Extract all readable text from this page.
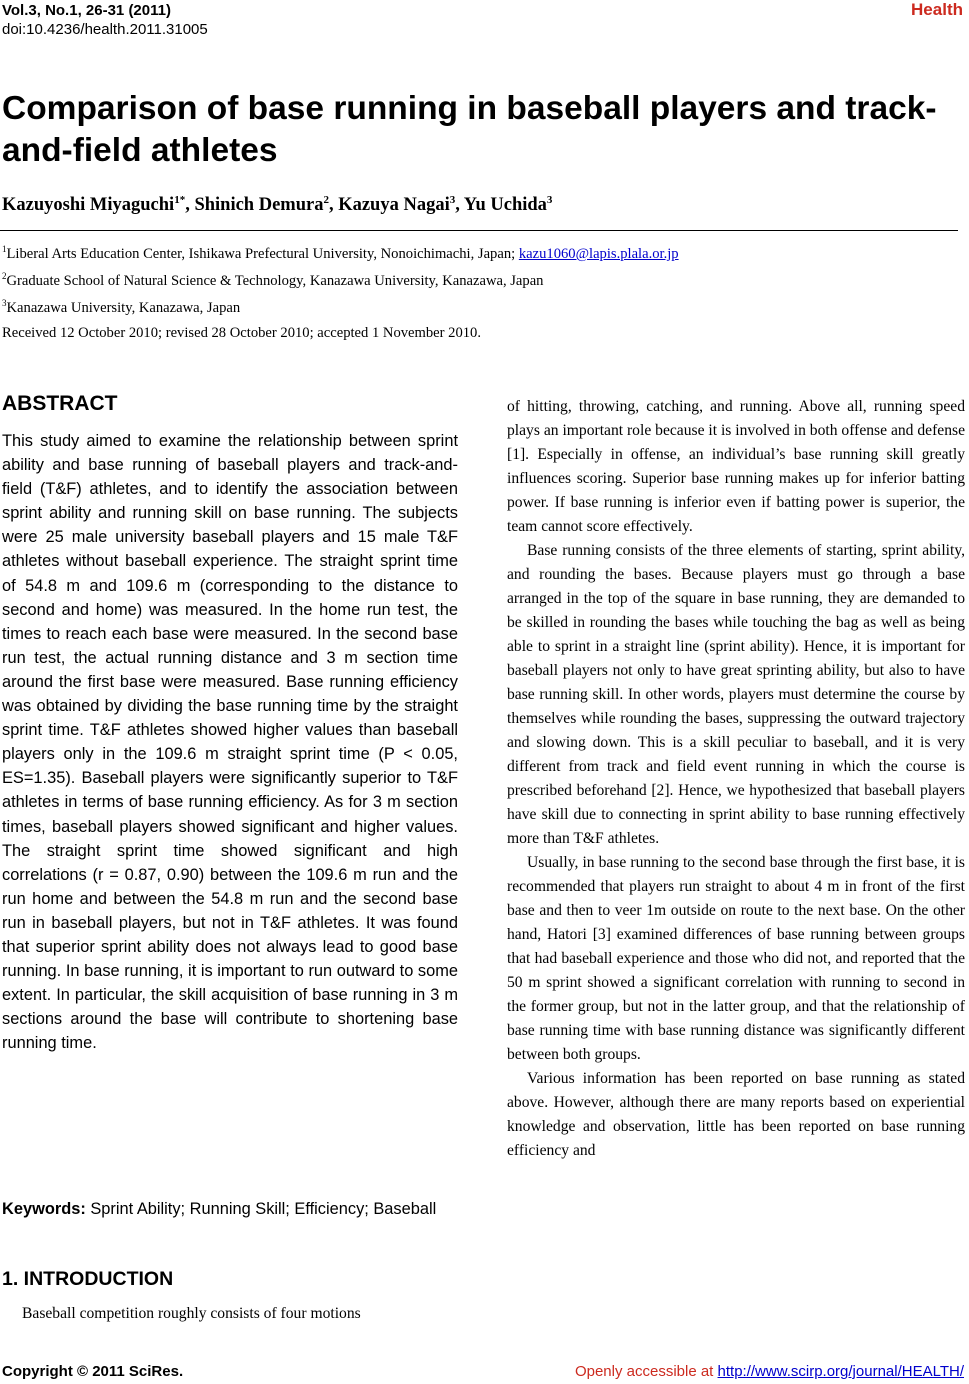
Vol.3, No.1, 26-31 (2011)
doi:10.4236/health.2011.31005
Health
Comparison of base running in baseball players and track-and-field athletes
Kazuyoshi Miyaguchi$^{1*}$, Shinich Demura$^2$, Kazuya Nagai$^3$, Yu Uchida$^3$
$^1$Liberal Arts Education Center, Ishikawa Prefectural University, Nonoichimachi, Japan; kazu1060@lapis.plala.or.jp
$^2$Graduate School of Natural Science & Technology, Kanazawa University, Kanazawa, Japan
$^3$Kanazawa University, Kanazawa, Japan
Received 12 October 2010; revised 28 October 2010; accepted 1 November 2010.
ABSTRACT
This study aimed to examine the relationship between sprint ability and base running of baseball players and track-and- field (T&F) athletes, and to identify the association between sprint ability and running skill on base running. The subjects were 25 male university baseball players and 15 male T&F athletes without baseball experience. The straight sprint time of 54.8 m and 109.6 m (corresponding to the distance to second and home) was measured. In the home run test, the times to reach each base were measured. In the second base run test, the actual running distance and 3 m section time around the first base were measured. Base running efficiency was obtained by dividing the base running time by the straight sprint time. T&F athletes showed higher values than baseball players only in the 109.6 m straight sprint time (P < 0.05, ES=1.35). Baseball players were significantly superior to T&F athletes in terms of base running efficiency. As for 3 m section times, baseball players showed significant and higher values. The straight sprint time showed significant and high correlations (r = 0.87, 0.90) between the 109.6 m run and the run home and between the 54.8 m run and the second base run in baseball players, but not in T&F athletes. It was found that superior sprint ability does not always lead to good base running. In base running, it is important to run outward to some extent. In particular, the skill acquisition of base running in 3 m sections around the base will contribute to shortening base running time.
Keywords: Sprint Ability; Running Skill; Efficiency; Baseball
1. INTRODUCTION
Baseball competition roughly consists of four motions

of hitting, throwing, catching, and running. Above all, running speed plays an important role because it is involved in both offense and defense [1]. Especially in offense, an individual’s base running skill greatly influences scoring. Superior base running makes up for inferior batting power. If base running is inferior even if batting power is superior, the team cannot score effectively.

Base running consists of the three elements of starting, sprint ability, and rounding the bases. Because players must go through a base arranged in the top of the square in base running, they are demanded to be skilled in rounding the bases while touching the bag as well as being able to sprint in a straight line (sprint ability). Hence, it is important for baseball players not only to have great sprinting ability, but also to have base running skill. In other words, players must determine the course by themselves while rounding the bases, suppressing the outward trajectory and slowing down. This is a skill peculiar to baseball, and it is very different from track and field event running in which the course is prescribed beforehand [2]. Hence, we hypothesized that baseball players have skill due to connecting in sprint ability to base running effectively more than T&F athletes.

Usually, in base running to the second base through the first base, it is recommended that players run straight to about 4 m in front of the first base and then to veer 1m outside on route to the next base. On the other hand, Hatori [3] examined differences of base running between groups that had baseball experience and those who did not, and reported that the 50 m sprint showed a significant correlation with running to second in the former group, but not in the latter group, and that the relationship of base running time with base running distance was significantly different between both groups.

Various information has been reported on base running as stated above. However, although there are many reports based on experiential knowledge and observation, little has been reported on base running efficiency and

Copyright © 2011 SciRes.	Openly accessible at http://www.scirp.org/journal/HEALTH/
